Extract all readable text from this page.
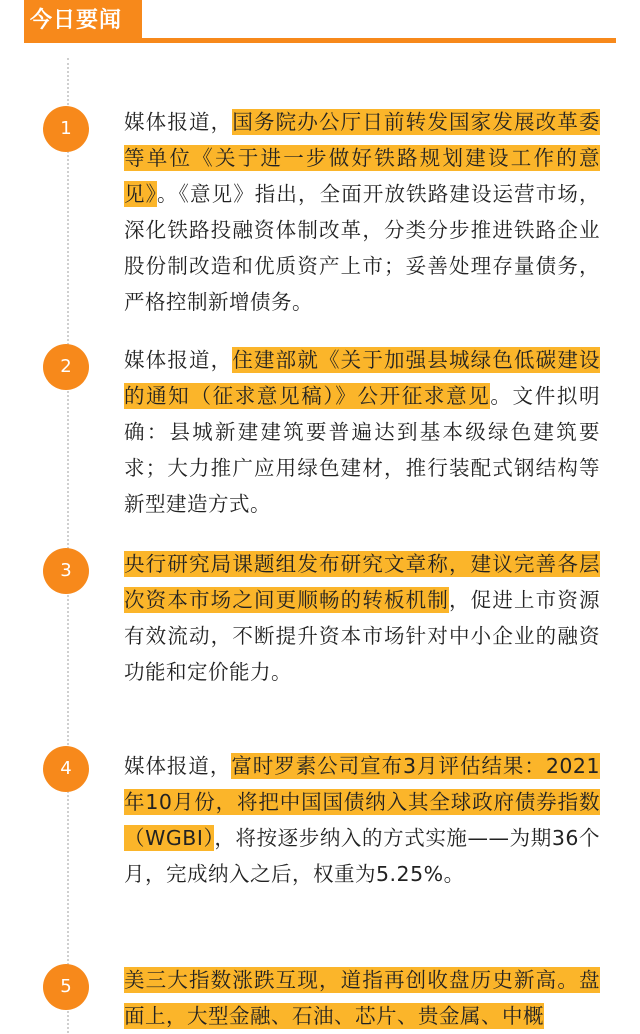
今日要闻
1	媒体报道，国务院办公厅日前转发国家发展改革委等单位《关于进一步做好铁路规划建设工作的意见》。《意见》指出，全面开放铁路建设运营市场，深化铁路投融资体制改革，分类分步推进铁路企业股份制改造和优质资产上市；妥善处理存量债务，严格控制新增债务。
2	媒体报道，住建部就《关于加强县城绿色低碳建设的通知（征求意见稿）》公开征求意见。文件拟明确：县城新建建筑要普遍达到基本级绿色建筑要求；大力推广应用绿色建材，推行装配式钢结构等新型建造方式。
3	央行研究局课题组发布研究文章称，建议完善各层次资本市场之间更顺畅的转板机制，促进上市资源有效流动，不断提升资本市场针对中小企业的融资功能和定价能力。
4	媒体报道，富时罗素公司宣布3月评估结果：2021年10月份，将把中国国债纳入其全球政府债券指数（WGBI），将按逐步纳入的方式实施——为期36个月，完成纳入之后，权重为5.25%。
5	美三大指数涨跌互现，道指再创收盘历史新高。盘面上，大型金融、石油、芯片、贵金属、中概
